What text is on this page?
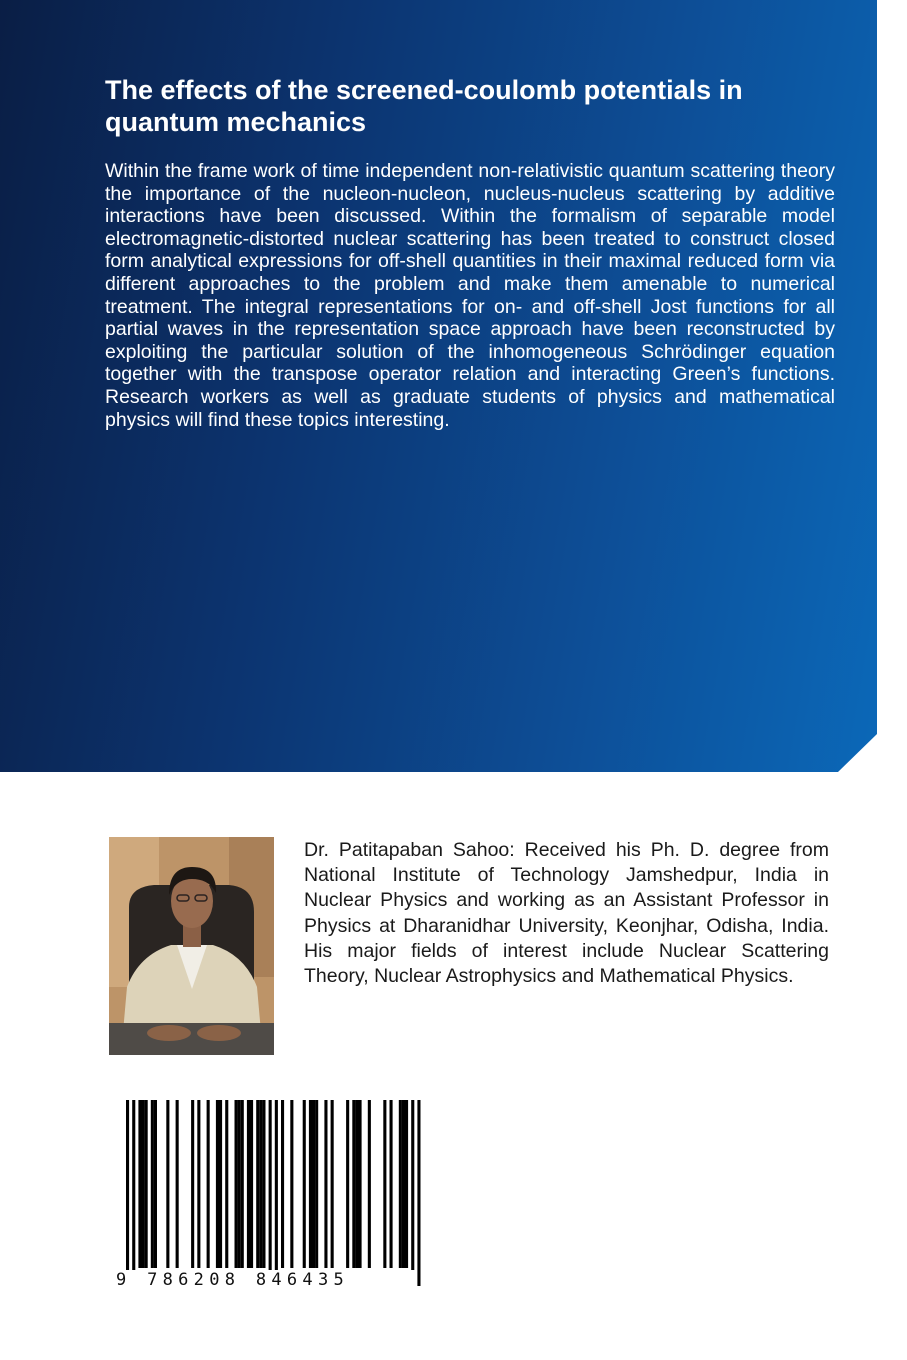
The effects of the screened-coulomb potentials in quantum mechanics

Within the frame work of time independent non-relativistic quantum scattering theory the importance of the nucleon-nucleon, nucleus-nucleus scattering by additive interactions have been discussed. Within the formalism of separable model electromagnetic-distorted nuclear scattering has been treated to construct closed form analytical expressions for off-shell quantities in their maximal reduced form via different approaches to the problem and make them amenable to numerical treatment. The integral representations for on- and off-shell Jost functions for all partial waves in the representation space approach have been reconstructed by exploiting the particular solution of the inhomogeneous Schrödinger equation together with the transpose operator relation and interacting Green’s functions. Research workers as well as graduate students of physics and mathematical physics will find these topics interesting.

Dr. Patitapaban Sahoo: Received his Ph. D. degree from National Institute of Technology Jamshedpur, India in Nuclear Physics and working as an Assistant Professor in Physics at Dharanidhar University, Keonjhar, Odisha, India. His major fields of interest include Nuclear Scattering Theory, Nuclear Astrophysics and Mathematical Physics.

9 786208 846435
